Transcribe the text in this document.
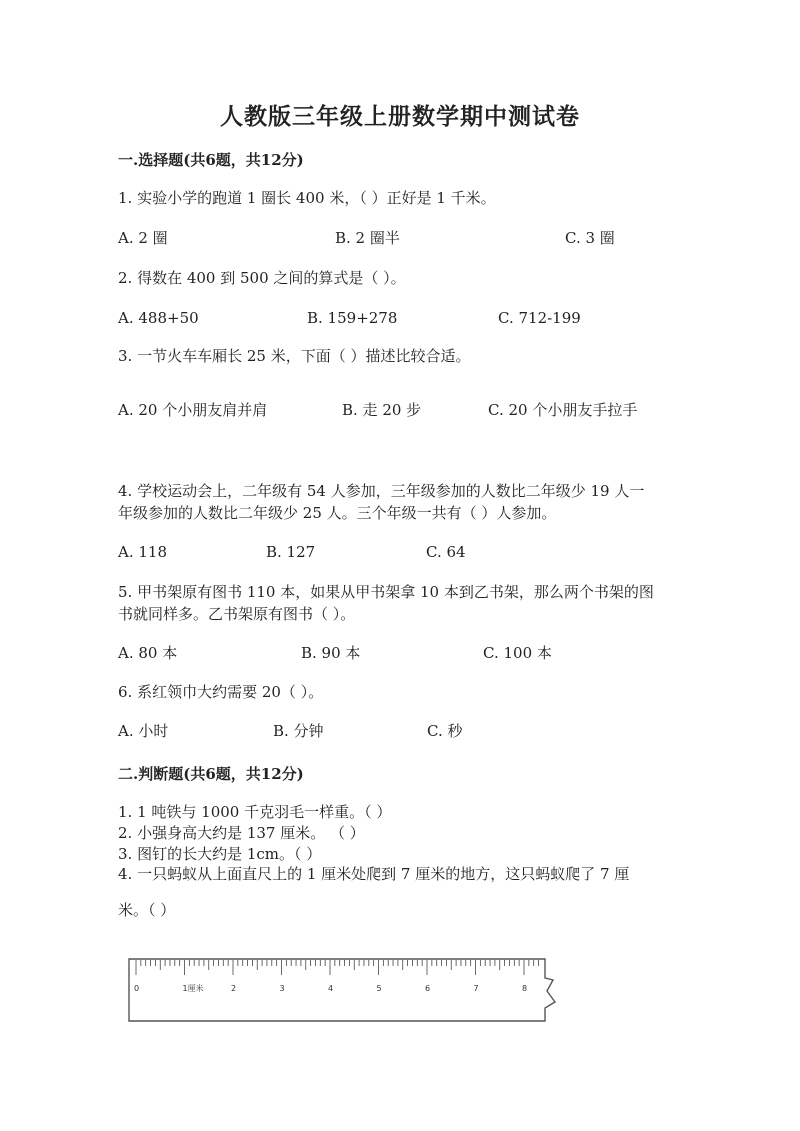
人教版三年级上册数学期中测试卷
一.选择题(共6题，共12分)
1. 实验小学的跑道 1 圈长 400 米，（ ）正好是 1 千米。
A. 2 圈	B. 2 圈半	C. 3 圈
2. 得数在 400 到 500 之间的算式是（ ）。
A. 488+50	B. 159+278	C. 712-199
3. 一节火车车厢长 25 米，下面（ ）描述比较合适。
A. 20 个小朋友肩并肩	B. 走 20 步	C. 20 个小朋友手拉手
4. 学校运动会上，二年级有 54 人参加，三年级参加的人数比二年级少 19 人一
年级参加的人数比二年级少 25 人。三个年级一共有（ ）人参加。
A. 118	B. 127	C. 64
5. 甲书架原有图书 110 本，如果从甲书架拿 10 本到乙书架，那么两个书架的图
书就同样多。乙书架原有图书（ ）。
A. 80 本	B. 90 本	C. 100 本
6. 系红领巾大约需要 20（ ）。
A. 小时	B. 分钟	C. 秒
二.判断题(共6题，共12分)
1. 1 吨铁与 1000 千克羽毛一样重。（ ）
2. 小强身高大约是 137 厘米。 （ ）
3. 图钉的长大约是 1cm。（ ）
4. 一只蚂蚁从上面直尺上的 1 厘米处爬到 7 厘米的地方，这只蚂蚁爬了 7 厘
米。（ ）
0	1厘米	2	3	4	5	6	7	8
